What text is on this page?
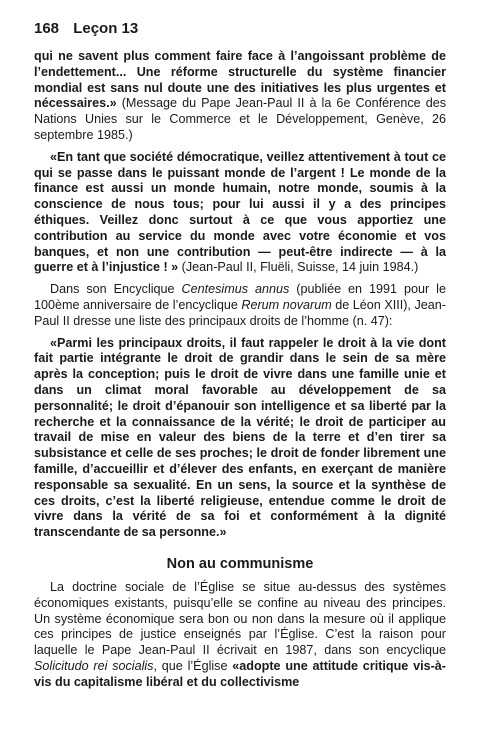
168 Leçon 13

qui ne savent plus comment faire face à l’angoissant problème de l’endettement... Une réforme structurelle du système financier mondial est sans nul doute une des initiatives les plus urgentes et nécessaires.» (Message du Pape Jean-Paul II à la 6e Conférence des Nations Unies sur le Commerce et le Développement, Genève, 26 septembre 1985.)

«En tant que société démocratique, veillez attentivement à tout ce qui se passe dans le puissant monde de l’argent ! Le monde de la finance est aussi un monde humain, notre monde, soumis à la conscience de nous tous; pour lui aussi il y a des principes éthiques. Veillez donc surtout à ce que vous apportiez une contribution au service du monde avec votre économie et vos banques, et non une contribution — peut-être indirecte — à la guerre et à l’injustice ! » (Jean-Paul II, Fluëli, Suisse, 14 juin 1984.)

Dans son Encyclique Centesimus annus (publiée en 1991 pour le 100ème anniversaire de l’encyclique Rerum novarum de Léon XIII), Jean-Paul II dresse une liste des principaux droits de l’homme (n. 47):

«Parmi les principaux droits, il faut rappeler le droit à la vie dont fait partie intégrante le droit de grandir dans le sein de sa mère après la conception; puis le droit de vivre dans une famille unie et dans un climat moral favorable au développement de sa personnalité; le droit d’épanouir son intelligence et sa liberté par la recherche et la connaissance de la vérité; le droit de participer au travail de mise en valeur des biens de la terre et d’en tirer sa subsistance et celle de ses proches; le droit de fonder librement une famille, d’accueillir et d’élever des enfants, en exerçant de manière responsable sa sexualité. En un sens, la source et la synthèse de ces droits, c’est la liberté religieuse, entendue comme le droit de vivre dans la vérité de sa foi et conformément à la dignité transcendante de sa personne.»

Non au communisme

La doctrine sociale de l’Église se situe au-dessus des systèmes économiques existants, puisqu’elle se confine au niveau des principes. Un système économique sera bon ou non dans la mesure où il applique ces principes de justice enseignés par l’Église. C’est la raison pour laquelle le Pape Jean-Paul II écrivait en 1987, dans son encyclique Solicitudo rei socialis, que l’Église «adopte une attitude critique vis-à-vis du capitalisme libéral et du collectivisme
